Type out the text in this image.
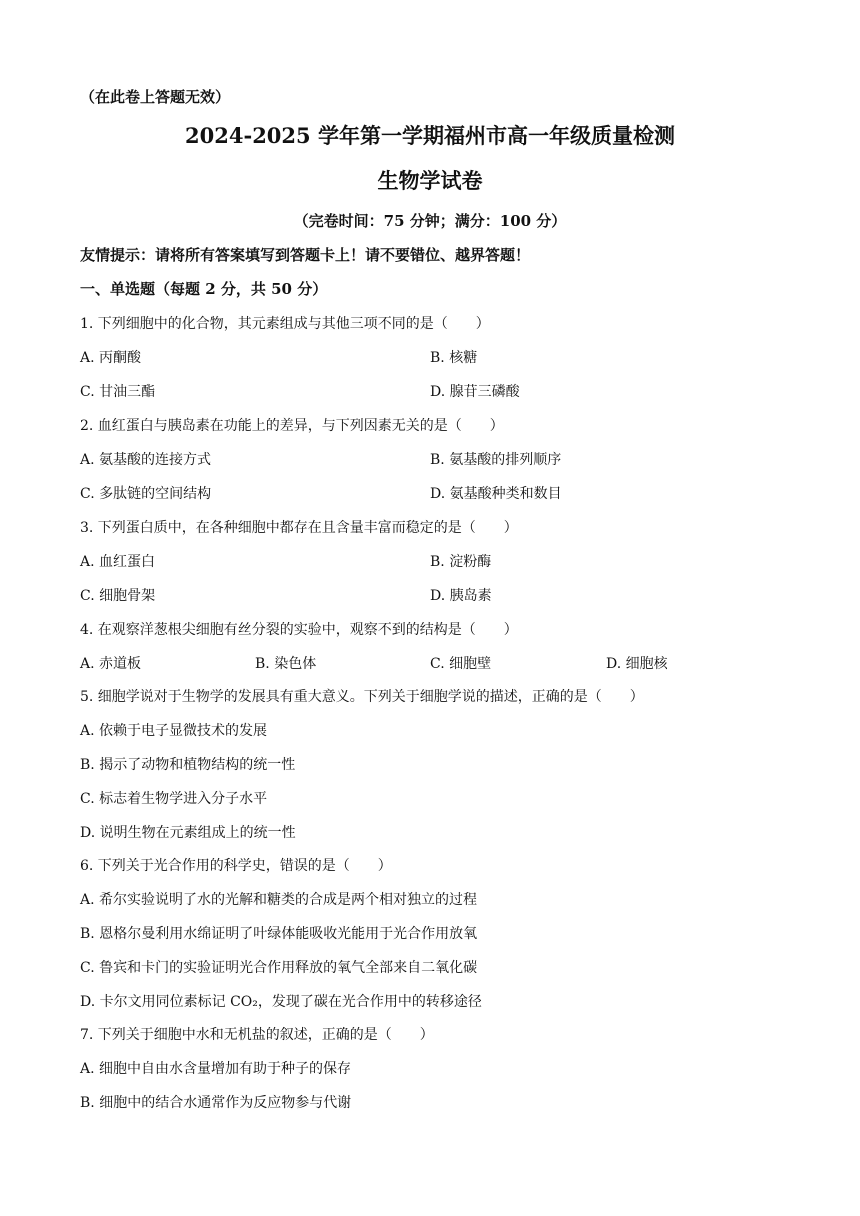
（在此卷上答题无效）
2024-2025 学年第一学期福州市高一年级质量检测
生物学试卷
（完卷时间：75 分钟；满分：100 分）
友情提示：请将所有答案填写到答题卡上！请不要错位、越界答题！
一、单选题（每题 2 分，共 50 分）
1. 下列细胞中的化合物，其元素组成与其他三项不同的是（　　）
A. 丙酮酸	B. 核糖
C. 甘油三酯	D. 腺苷三磷酸
2. 血红蛋白与胰岛素在功能上的差异，与下列因素无关的是（　　）
A. 氨基酸的连接方式	B. 氨基酸的排列顺序
C. 多肽链的空间结构	D. 氨基酸种类和数目
3. 下列蛋白质中，在各种细胞中都存在且含量丰富而稳定的是（　　）
A. 血红蛋白	B. 淀粉酶
C. 细胞骨架	D. 胰岛素
4. 在观察洋葱根尖细胞有丝分裂的实验中，观察不到的结构是（　　）
A. 赤道板	B. 染色体	C. 细胞壁	D. 细胞核
5. 细胞学说对于生物学的发展具有重大意义。下列关于细胞学说的描述，正确的是（　　）
A. 依赖于电子显微技术的发展
B. 揭示了动物和植物结构的统一性
C. 标志着生物学进入分子水平
D. 说明生物在元素组成上的统一性
6. 下列关于光合作用的科学史，错误的是（　　）
A. 希尔实验说明了水的光解和糖类的合成是两个相对独立的过程
B. 恩格尔曼利用水绵证明了叶绿体能吸收光能用于光合作用放氧
C. 鲁宾和卡门的实验证明光合作用释放的氧气全部来自二氧化碳
D. 卡尔文用同位素标记 CO₂，发现了碳在光合作用中的转移途径
7. 下列关于细胞中水和无机盐的叙述，正确的是（　　）
A. 细胞中自由水含量增加有助于种子的保存
B. 细胞中的结合水通常作为反应物参与代谢
